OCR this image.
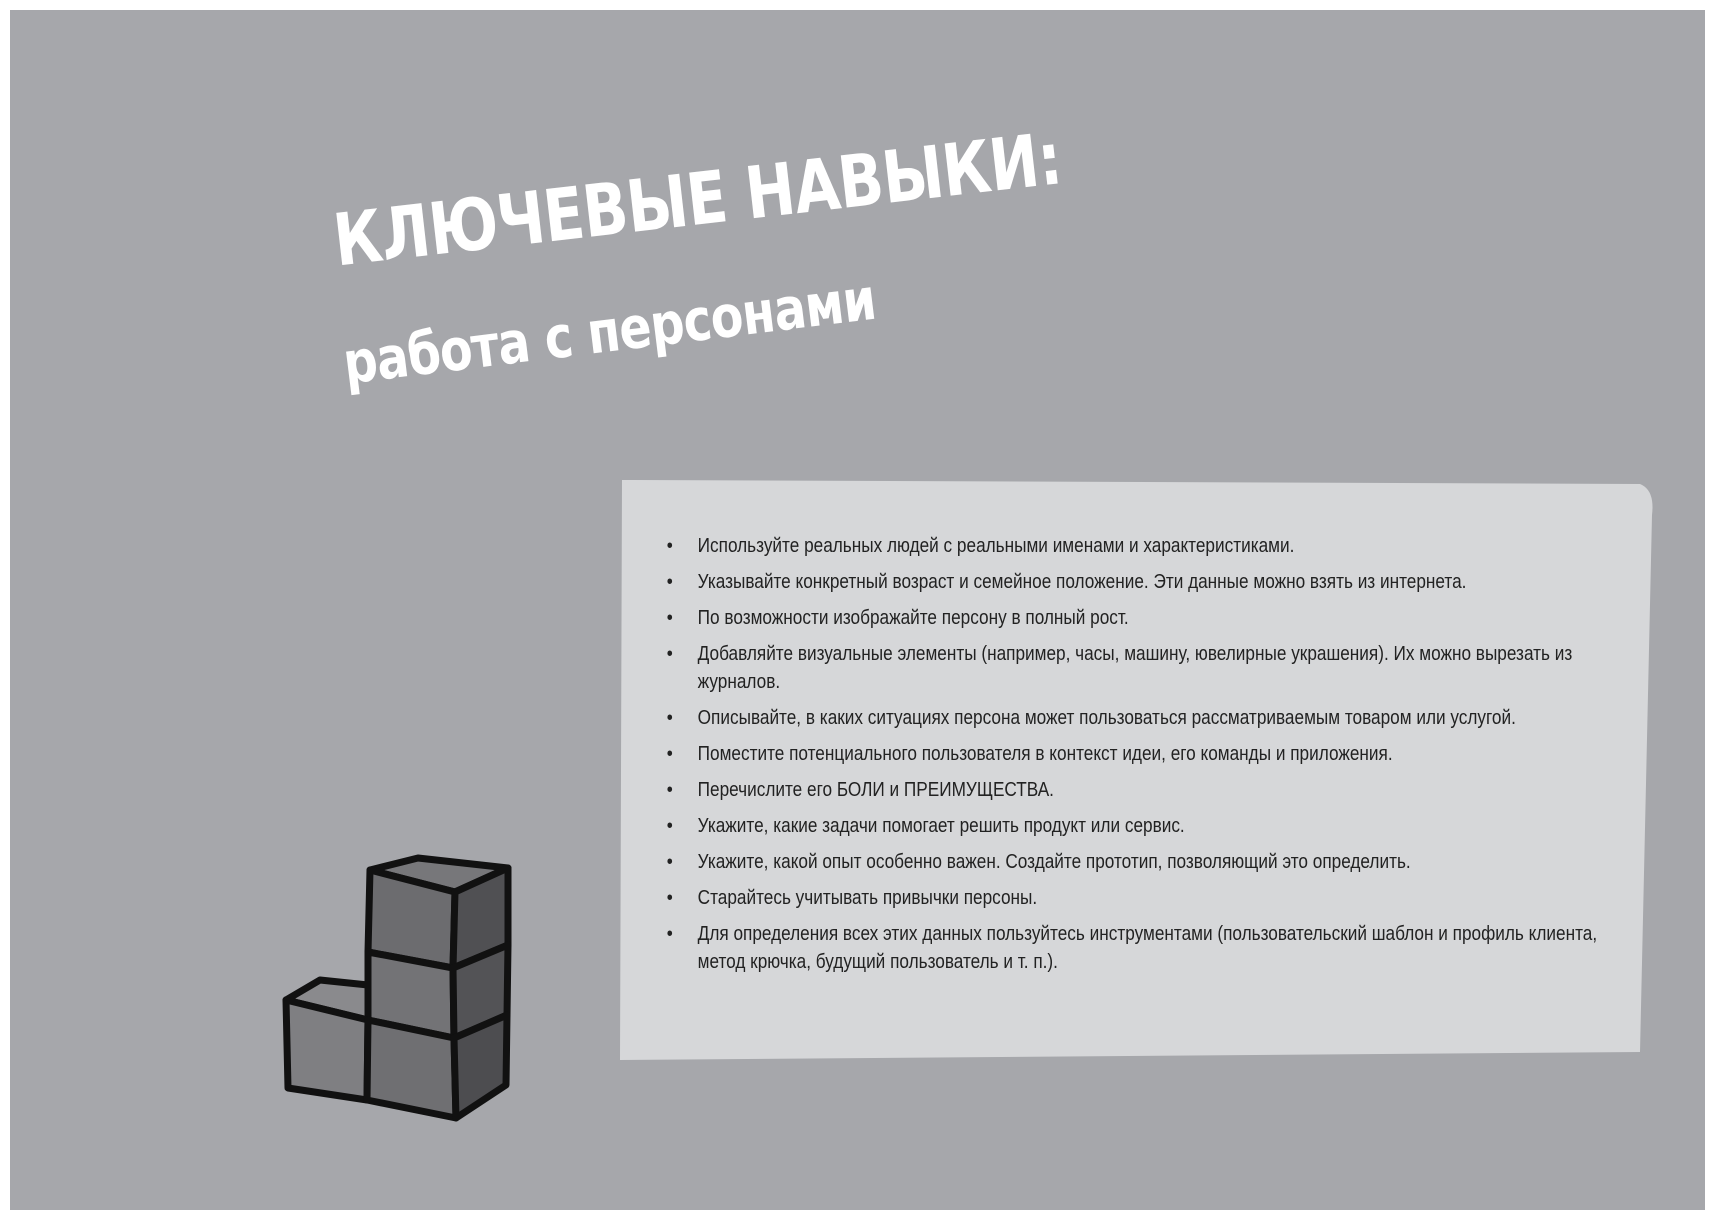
КЛЮЧЕВЫЕ НАВЫКИ:
работа с персонами
• Используйте реальных людей с реальными именами и характеристиками.
• Указывайте конкретный возраст и семейное положение. Эти данные можно взять из интернета.
• По возможности изображайте персону в полный рост.
• Добавляйте визуальные элементы (например, часы, машину, ювелирные украшения). Их можно вырезать из журналов.
• Описывайте, в каких ситуациях персона может пользоваться рассматриваемым товаром или услугой.
• Поместите потенциального пользователя в контекст идеи, его команды и приложения.
• Перечислите его БОЛИ и ПРЕИМУЩЕСТВА.
• Укажите, какие задачи помогает решить продукт или сервис.
• Укажите, какой опыт особенно важен. Создайте прототип, позволяющий это определить.
• Старайтесь учитывать привычки персоны.
• Для определения всех этих данных пользуйтесь инструментами (пользовательский шаблон и профиль клиента, метод крючка, будущий пользователь и т. п.).
